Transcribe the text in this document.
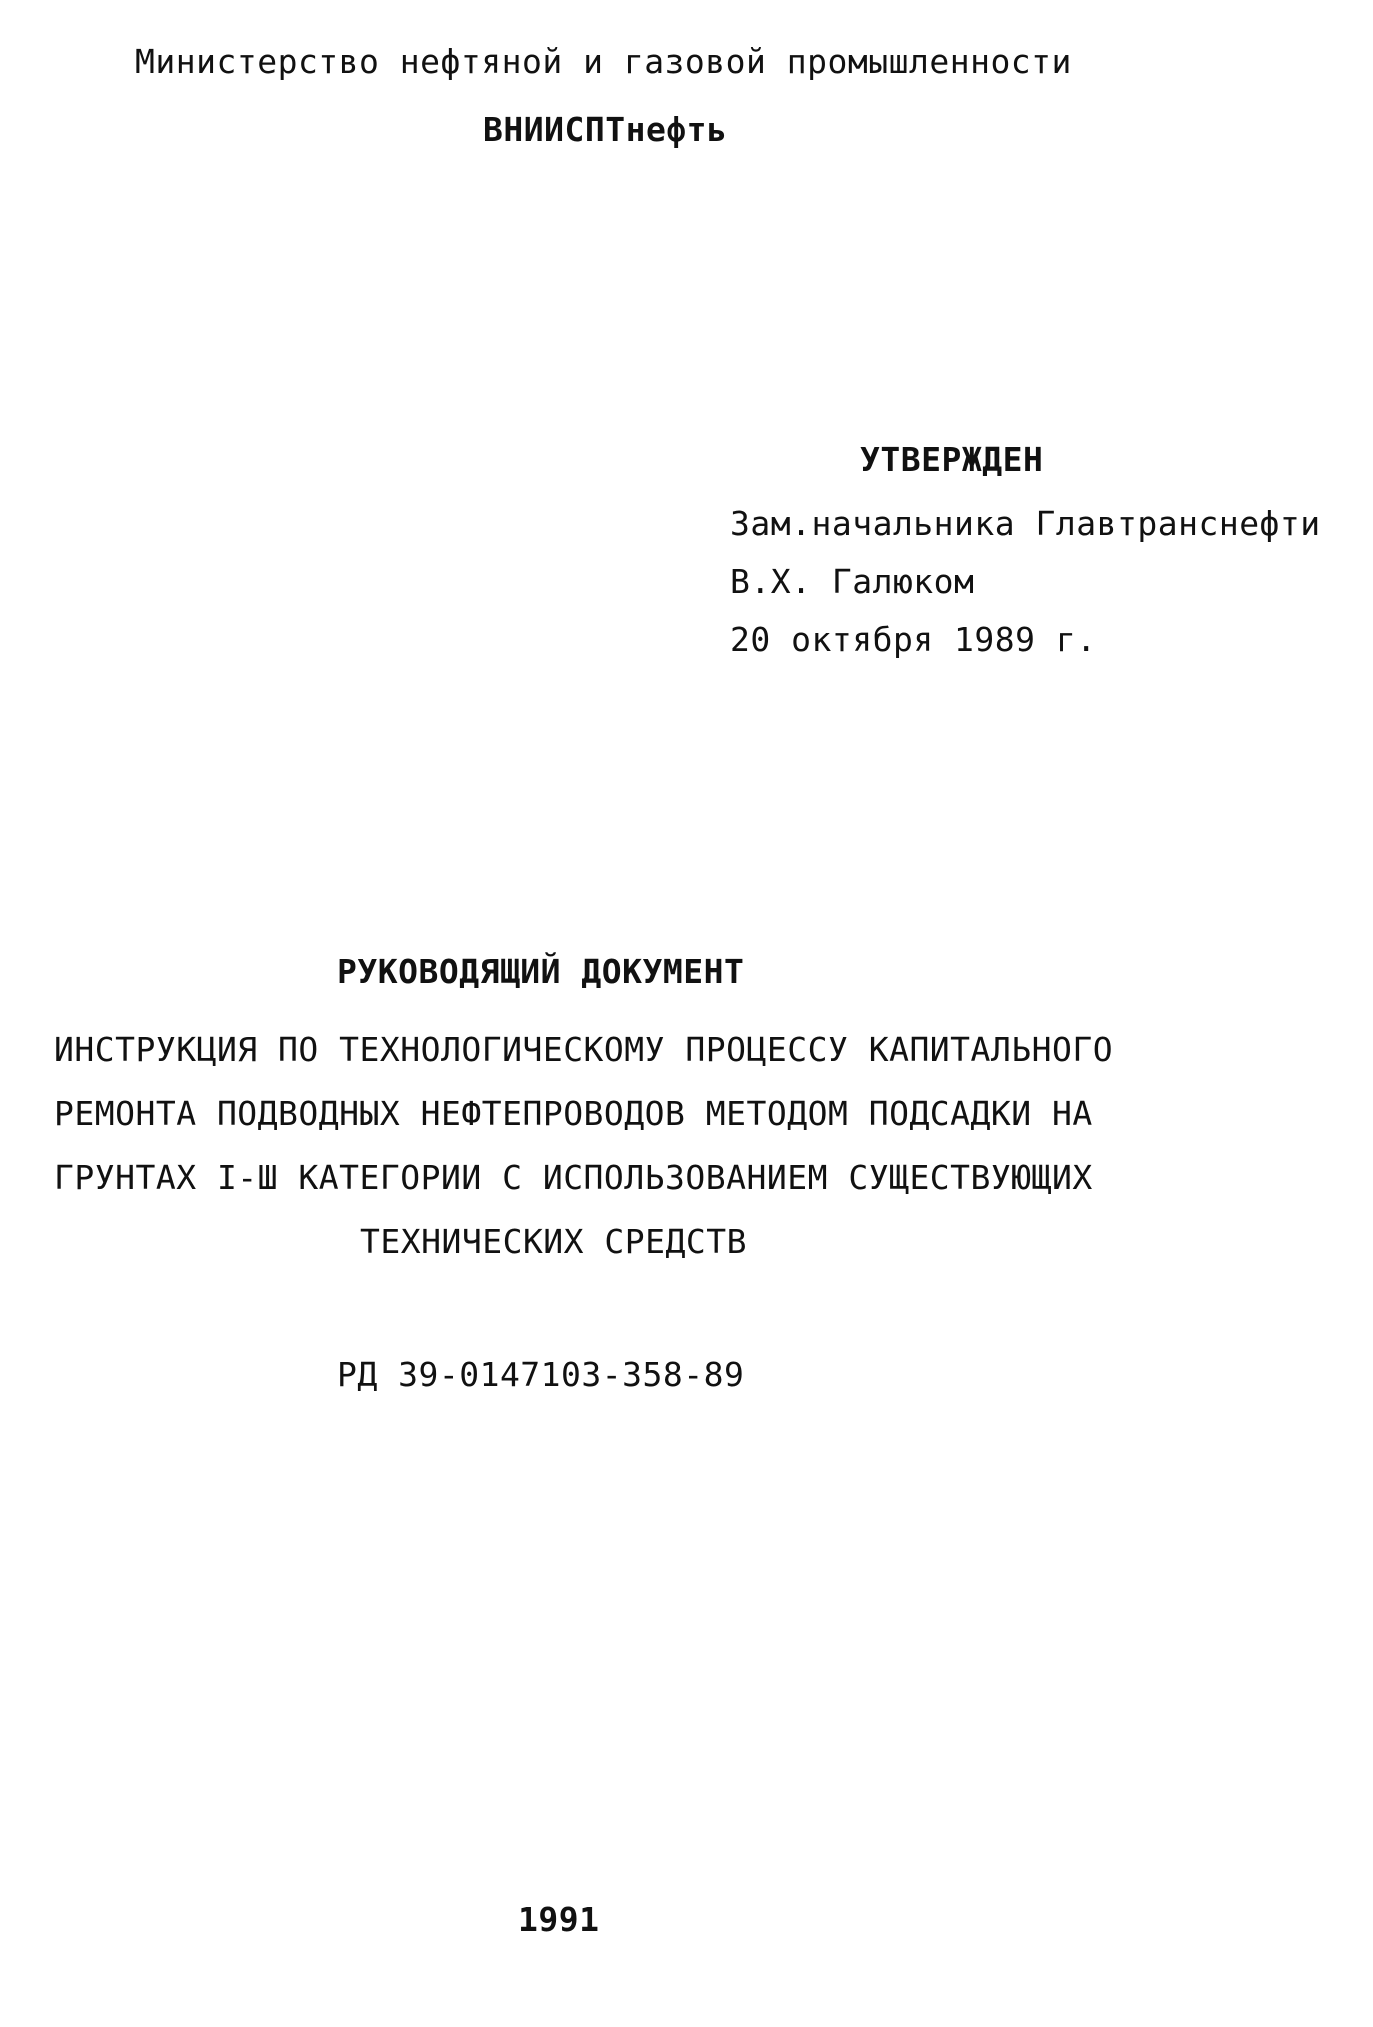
Министерство нефтяной и газовой промышленности
ВНИИСПТнефть
УТВЕРЖДЕН
Зам.начальника Главтранснефти
В.Х. Галюком
20 октября 1989 г.
РУКОВОДЯЩИЙ ДОКУМЕНТ
ИНСТРУКЦИЯ ПО ТЕХНОЛОГИЧЕСКОМУ ПРОЦЕССУ КАПИТАЛЬНОГО
РЕМОНТА ПОДВОДНЫХ НЕФТЕПРОВОДОВ МЕТОДОМ ПОДСАДКИ НА
ГРУНТАХ I-Ш КАТЕГОРИИ С ИСПОЛЬЗОВАНИЕМ СУЩЕСТВУЮЩИХ
ТЕХНИЧЕСКИХ СРЕДСТВ
РД 39-0147103-358-89
1991
